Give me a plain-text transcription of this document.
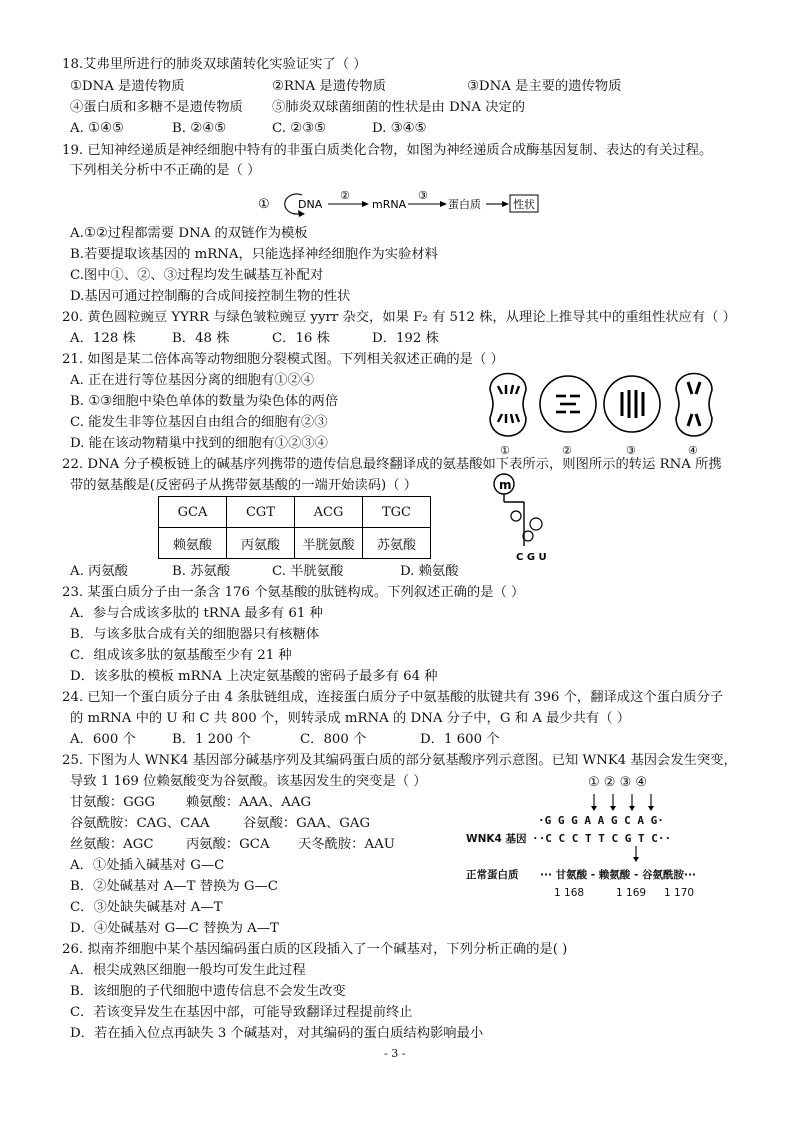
18.艾弗里所进行的肺炎双球菌转化实验证实了（ ）
①DNA 是遗传物质	②RNA 是遗传物质	③DNA 是主要的遗传物质
④蛋白质和多糖不是遗传物质 ⑤肺炎双球菌细菌的性状是由 DNA 决定的
A. ①④⑤	B. ②④⑤	C. ②③⑤	D. ③④⑤
19. 已知神经递质是神经细胞中特有的非蛋白质类化合物，如图为神经递质合成酶基因复制、表达的有关过程。
下列相关分析中不正确的是（ ）
①	DNA
②
mRNA
③
蛋白质	性状
A.①②过程都需要 DNA 的双链作为模板
B.若要提取该基因的 mRNA，只能选择神经细胞作为实验材料
C.图中①、②、③过程均发生碱基互补配对
D.基因可通过控制酶的合成间接控制生物的性状
20. 黄色圆粒豌豆 YYRR 与绿色皱粒豌豆 yyrr 杂交，如果 F₂ 有 512 株，从理论上推导其中的重组性状应有（ ）
A．128 株	B．48 株	C．16 株	D．192 株
21. 如图是某二倍体高等动物细胞分裂模式图。下列相关叙述正确的是（ ）
A. 正在进行等位基因分离的细胞有①②④
B. ①③细胞中染色单体的数量为染色体的两倍
C. 能发生非等位基因自由组合的细胞有②③
D. 能在该动物精巢中找到的细胞有①②③④	①	②	③	④
22. DNA 分子模板链上的碱基序列携带的遗传信息最终翻译成的氨基酸如下表所示，则图所示的转运 RNA 所携
带的氨基酸是(反密码子从携带氨基酸的一端开始读码)（ ）
GCA	CGT	ACG	TGC
赖氨酸	丙氨酸	半胱氨酸	苏氨酸
m
C G U
A. 丙氨酸	B. 苏氨酸	C. 半胱氨酸	D. 赖氨酸
23. 某蛋白质分子由一条含 176 个氨基酸的肽链构成。下列叙述正确的是（ ）
A．参与合成该多肽的 tRNA 最多有 61 种
B．与该多肽合成有关的细胞器只有核糖体
C．组成该多肽的氨基酸至少有 21 种
D．该多肽的模板 mRNA 上决定氨基酸的密码子最多有 64 种
24. 已知一个蛋白质分子由 4 条肽链组成，连接蛋白质分子中氨基酸的肽键共有 396 个，翻译成这个蛋白质分子
的 mRNA 中的 U 和 C 共 800 个，则转录成 mRNA 的 DNA 分子中，G 和 A 最少共有（ ）
A．600 个	B．1 200 个	C．800 个	D．1 600 个
25. 下图为人 WNK4 基因部分碱基序列及其编码蛋白质的部分氨基酸序列示意图。已知 WNK4 基因会发生突变，
导致 1 169 位赖氨酸变为谷氨酸。该基因发生的突变是（ ）
甘氨酸：GGG 赖氨酸：AAA、AAG
谷氨酰胺：CAG、CAA	谷氨酸：GAA、GAG
丝氨酸：AGC 丙氨酸：GCA 天冬酰胺：AAU
A．①处插入碱基对 G—C
B．②处碱基对 A—T 替换为 G—C
C．③处缺失碱基对 A—T
D．④处碱基对 G—C 替换为 A—T
① ② ③ ④
·G G G A A G C A G·
WNK4 基因 ··C C C T T C G T C··
正常蛋白质 ··· 甘氨酸 - 赖氨酸 - 谷氨酰胺···
1 168	1 169 1 170
26. 拟南芥细胞中某个基因编码蛋白质的区段插入了一个碱基对，下列分析正确的是( )
A．根尖成熟区细胞一般均可发生此过程
B．该细胞的子代细胞中遗传信息不会发生改变
C．若该变异发生在基因中部，可能导致翻译过程提前终止
D．若在插入位点再缺失 3 个碱基对，对其编码的蛋白质结构影响最小
- 3 -
